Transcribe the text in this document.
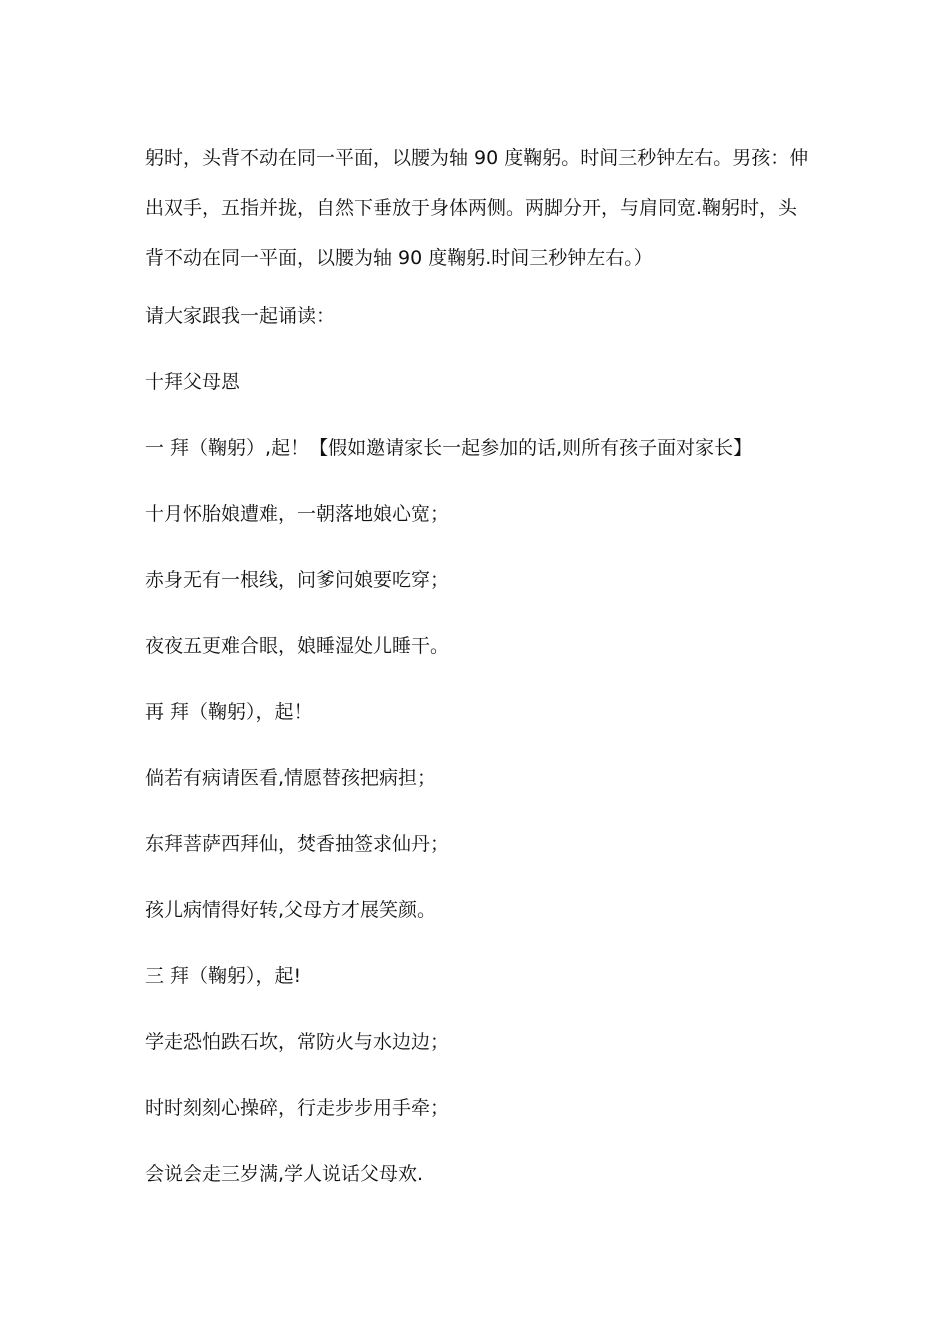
躬时，头背不动在同一平面，以腰为轴 90 度鞠躬。时间三秒钟左右。男孩：伸
出双手，五指并拢，自然下垂放于身体两侧。两脚分开，与肩同宽.鞠躬时，头
背不动在同一平面，以腰为轴 90 度鞠躬.时间三秒钟左右。）

请大家跟我一起诵读：
十拜父母恩
一 拜（鞠躬）,起！【假如邀请家长一起参加的话,则所有孩子面对家长】
十月怀胎娘遭难，一朝落地娘心宽；
赤身无有一根线，问爹问娘要吃穿；
夜夜五更难合眼，娘睡湿处儿睡干。
再 拜（鞠躬），起！
倘若有病请医看,情愿替孩把病担；
东拜菩萨西拜仙，焚香抽签求仙丹；
孩儿病情得好转,父母方才展笑颜。
三 拜（鞠躬），起!
学走恐怕跌石坎，常防火与水边边；
时时刻刻心操碎，行走步步用手牵；
会说会走三岁满,学人说话父母欢.
